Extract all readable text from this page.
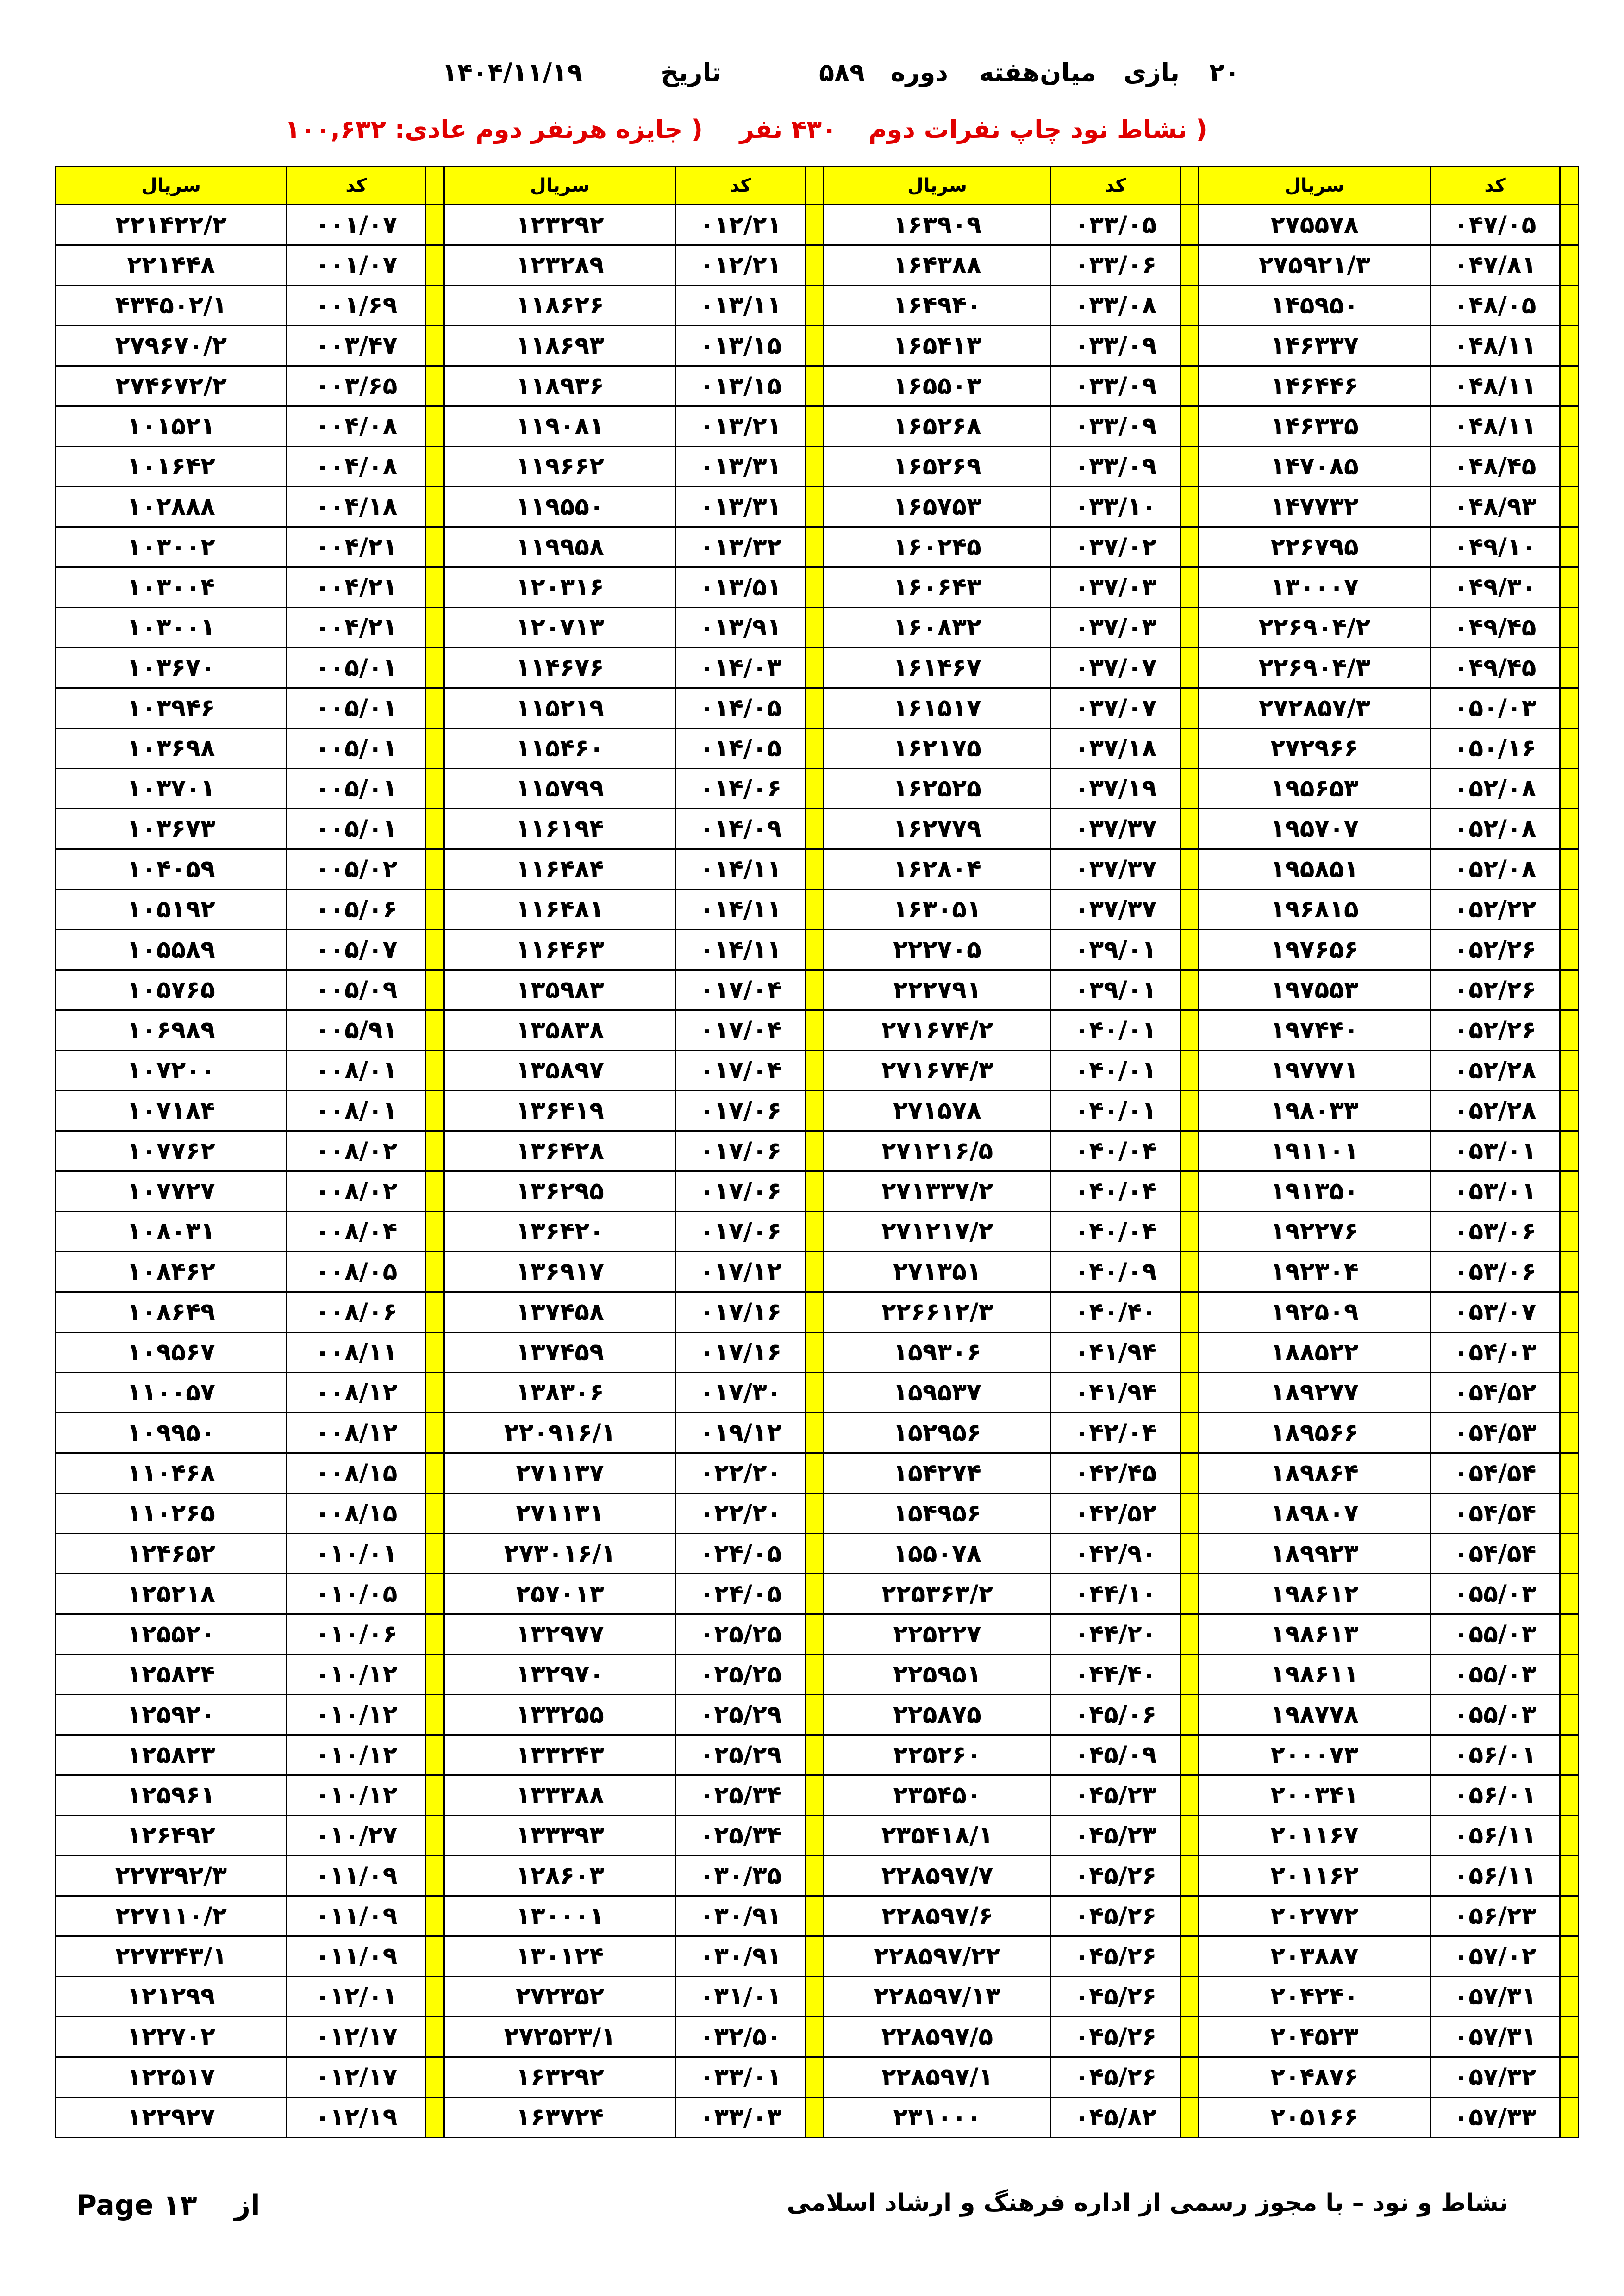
۲۰
بازی
میان‌هفته
دوره
۵۸۹
تاریخ
۱۴۰۴/۱۱/۱۹
( نشاط نود چاپ نفرات دوم
۴۳۰ نفر
( جایزه هرنفر دوم عادی: ۱۰۰,۶۳۲
	کد	سریال		کد	سریال		کد	سریال		کد	سریال
	۰۴۷/۰۵	۲۷۵۵۷۸		۰۳۳/۰۵	۱۶۳۹۰۹		۰۱۲/۲۱	۱۲۳۲۹۲		۰۰۱/۰۷	۲۲۱۴۲۲/۲
	۰۴۷/۸۱	۲۷۵۹۲۱/۳		۰۳۳/۰۶	۱۶۴۳۸۸		۰۱۲/۲۱	۱۲۳۲۸۹		۰۰۱/۰۷	۲۲۱۴۴۸
	۰۴۸/۰۵	۱۴۵۹۵۰		۰۳۳/۰۸	۱۶۴۹۴۰		۰۱۳/۱۱	۱۱۸۶۲۶		۰۰۱/۶۹	۴۳۴۵۰۲/۱
	۰۴۸/۱۱	۱۴۶۳۳۷		۰۳۳/۰۹	۱۶۵۴۱۳		۰۱۳/۱۵	۱۱۸۶۹۳		۰۰۳/۴۷	۲۷۹۶۷۰/۲
	۰۴۸/۱۱	۱۴۶۴۴۶		۰۳۳/۰۹	۱۶۵۵۰۳		۰۱۳/۱۵	۱۱۸۹۳۶		۰۰۳/۶۵	۲۷۴۶۷۲/۲
	۰۴۸/۱۱	۱۴۶۳۳۵		۰۳۳/۰۹	۱۶۵۲۶۸		۰۱۳/۲۱	۱۱۹۰۸۱		۰۰۴/۰۸	۱۰۱۵۲۱
	۰۴۸/۴۵	۱۴۷۰۸۵		۰۳۳/۰۹	۱۶۵۲۶۹		۰۱۳/۳۱	۱۱۹۶۶۲		۰۰۴/۰۸	۱۰۱۶۴۲
	۰۴۸/۹۳	۱۴۷۷۳۲		۰۳۳/۱۰	۱۶۵۷۵۳		۰۱۳/۳۱	۱۱۹۵۵۰		۰۰۴/۱۸	۱۰۲۸۸۸
	۰۴۹/۱۰	۲۲۶۷۹۵		۰۳۷/۰۲	۱۶۰۲۴۵		۰۱۳/۳۲	۱۱۹۹۵۸		۰۰۴/۲۱	۱۰۳۰۰۲
	۰۴۹/۳۰	۱۳۰۰۰۷		۰۳۷/۰۳	۱۶۰۶۴۳		۰۱۳/۵۱	۱۲۰۳۱۶		۰۰۴/۲۱	۱۰۳۰۰۴
	۰۴۹/۴۵	۲۲۶۹۰۴/۲		۰۳۷/۰۳	۱۶۰۸۳۲		۰۱۳/۹۱	۱۲۰۷۱۳		۰۰۴/۲۱	۱۰۳۰۰۱
	۰۴۹/۴۵	۲۲۶۹۰۴/۳		۰۳۷/۰۷	۱۶۱۴۶۷		۰۱۴/۰۳	۱۱۴۶۷۶		۰۰۵/۰۱	۱۰۳۶۷۰
	۰۵۰/۰۳	۲۷۲۸۵۷/۳		۰۳۷/۰۷	۱۶۱۵۱۷		۰۱۴/۰۵	۱۱۵۲۱۹		۰۰۵/۰۱	۱۰۳۹۴۶
	۰۵۰/۱۶	۲۷۲۹۶۶		۰۳۷/۱۸	۱۶۲۱۷۵		۰۱۴/۰۵	۱۱۵۴۶۰		۰۰۵/۰۱	۱۰۳۶۹۸
	۰۵۲/۰۸	۱۹۵۶۵۳		۰۳۷/۱۹	۱۶۲۵۲۵		۰۱۴/۰۶	۱۱۵۷۹۹		۰۰۵/۰۱	۱۰۳۷۰۱
	۰۵۲/۰۸	۱۹۵۷۰۷		۰۳۷/۳۷	۱۶۲۷۷۹		۰۱۴/۰۹	۱۱۶۱۹۴		۰۰۵/۰۱	۱۰۳۶۷۳
	۰۵۲/۰۸	۱۹۵۸۵۱		۰۳۷/۳۷	۱۶۲۸۰۴		۰۱۴/۱۱	۱۱۶۴۸۴		۰۰۵/۰۲	۱۰۴۰۵۹
	۰۵۲/۲۲	۱۹۶۸۱۵		۰۳۷/۳۷	۱۶۳۰۵۱		۰۱۴/۱۱	۱۱۶۴۸۱		۰۰۵/۰۶	۱۰۵۱۹۲
	۰۵۲/۲۶	۱۹۷۶۵۶		۰۳۹/۰۱	۲۲۲۷۰۵		۰۱۴/۱۱	۱۱۶۴۶۳		۰۰۵/۰۷	۱۰۵۵۸۹
	۰۵۲/۲۶	۱۹۷۵۵۳		۰۳۹/۰۱	۲۲۲۷۹۱		۰۱۷/۰۴	۱۳۵۹۸۳		۰۰۵/۰۹	۱۰۵۷۶۵
	۰۵۲/۲۶	۱۹۷۴۴۰		۰۴۰/۰۱	۲۷۱۶۷۴/۲		۰۱۷/۰۴	۱۳۵۸۳۸		۰۰۵/۹۱	۱۰۶۹۸۹
	۰۵۲/۲۸	۱۹۷۷۷۱		۰۴۰/۰۱	۲۷۱۶۷۴/۳		۰۱۷/۰۴	۱۳۵۸۹۷		۰۰۸/۰۱	۱۰۷۲۰۰
	۰۵۲/۲۸	۱۹۸۰۳۳		۰۴۰/۰۱	۲۷۱۵۷۸		۰۱۷/۰۶	۱۳۶۴۱۹		۰۰۸/۰۱	۱۰۷۱۸۴
	۰۵۳/۰۱	۱۹۱۱۰۱		۰۴۰/۰۴	۲۷۱۲۱۶/۵		۰۱۷/۰۶	۱۳۶۴۲۸		۰۰۸/۰۲	۱۰۷۷۶۲
	۰۵۳/۰۱	۱۹۱۳۵۰		۰۴۰/۰۴	۲۷۱۳۳۷/۲		۰۱۷/۰۶	۱۳۶۲۹۵		۰۰۸/۰۲	۱۰۷۷۲۷
	۰۵۳/۰۶	۱۹۲۲۷۶		۰۴۰/۰۴	۲۷۱۲۱۷/۲		۰۱۷/۰۶	۱۳۶۴۲۰		۰۰۸/۰۴	۱۰۸۰۳۱
	۰۵۳/۰۶	۱۹۲۳۰۴		۰۴۰/۰۹	۲۷۱۳۵۱		۰۱۷/۱۲	۱۳۶۹۱۷		۰۰۸/۰۵	۱۰۸۴۶۲
	۰۵۳/۰۷	۱۹۲۵۰۹		۰۴۰/۴۰	۲۲۶۶۱۲/۳		۰۱۷/۱۶	۱۳۷۴۵۸		۰۰۸/۰۶	۱۰۸۶۴۹
	۰۵۴/۰۳	۱۸۸۵۲۲		۰۴۱/۹۴	۱۵۹۳۰۶		۰۱۷/۱۶	۱۳۷۴۵۹		۰۰۸/۱۱	۱۰۹۵۶۷
	۰۵۴/۵۲	۱۸۹۲۷۷		۰۴۱/۹۴	۱۵۹۵۳۷		۰۱۷/۳۰	۱۳۸۳۰۶		۰۰۸/۱۲	۱۱۰۰۵۷
	۰۵۴/۵۳	۱۸۹۵۶۶		۰۴۲/۰۴	۱۵۲۹۵۶		۰۱۹/۱۲	۲۲۰۹۱۶/۱		۰۰۸/۱۲	۱۰۹۹۵۰
	۰۵۴/۵۴	۱۸۹۸۶۴		۰۴۲/۴۵	۱۵۴۲۷۴		۰۲۲/۲۰	۲۷۱۱۳۷		۰۰۸/۱۵	۱۱۰۴۶۸
	۰۵۴/۵۴	۱۸۹۸۰۷		۰۴۲/۵۲	۱۵۴۹۵۶		۰۲۲/۲۰	۲۷۱۱۳۱		۰۰۸/۱۵	۱۱۰۲۶۵
	۰۵۴/۵۴	۱۸۹۹۲۳		۰۴۲/۹۰	۱۵۵۰۷۸		۰۲۴/۰۵	۲۷۳۰۱۶/۱		۰۱۰/۰۱	۱۲۴۶۵۲
	۰۵۵/۰۳	۱۹۸۶۱۲		۰۴۴/۱۰	۲۲۵۳۶۳/۲		۰۲۴/۰۵	۲۵۷۰۱۳		۰۱۰/۰۵	۱۲۵۲۱۸
	۰۵۵/۰۳	۱۹۸۶۱۳		۰۴۴/۲۰	۲۲۵۲۲۷		۰۲۵/۲۵	۱۳۲۹۷۷		۰۱۰/۰۶	۱۲۵۵۲۰
	۰۵۵/۰۳	۱۹۸۶۱۱		۰۴۴/۴۰	۲۲۵۹۵۱		۰۲۵/۲۵	۱۳۲۹۷۰		۰۱۰/۱۲	۱۲۵۸۲۴
	۰۵۵/۰۳	۱۹۸۷۷۸		۰۴۵/۰۶	۲۲۵۸۷۵		۰۲۵/۲۹	۱۳۳۲۵۵		۰۱۰/۱۲	۱۲۵۹۲۰
	۰۵۶/۰۱	۲۰۰۰۷۳		۰۴۵/۰۹	۲۲۵۲۶۰		۰۲۵/۲۹	۱۳۳۲۴۳		۰۱۰/۱۲	۱۲۵۸۲۳
	۰۵۶/۰۱	۲۰۰۳۴۱		۰۴۵/۲۳	۲۳۵۴۵۰		۰۲۵/۳۴	۱۳۳۳۸۸		۰۱۰/۱۲	۱۲۵۹۶۱
	۰۵۶/۱۱	۲۰۱۱۶۷		۰۴۵/۲۳	۲۳۵۴۱۸/۱		۰۲۵/۳۴	۱۳۳۳۹۳		۰۱۰/۲۷	۱۲۶۴۹۲
	۰۵۶/۱۱	۲۰۱۱۶۲		۰۴۵/۲۶	۲۲۸۵۹۷/۷		۰۳۰/۳۵	۱۲۸۶۰۳		۰۱۱/۰۹	۲۲۷۳۹۲/۳
	۰۵۶/۲۳	۲۰۲۷۷۲		۰۴۵/۲۶	۲۲۸۵۹۷/۶		۰۳۰/۹۱	۱۳۰۰۰۱		۰۱۱/۰۹	۲۲۷۱۱۰/۲
	۰۵۷/۰۲	۲۰۳۸۸۷		۰۴۵/۲۶	۲۲۸۵۹۷/۲۲		۰۳۰/۹۱	۱۳۰۱۲۴		۰۱۱/۰۹	۲۲۷۳۴۳/۱
	۰۵۷/۳۱	۲۰۴۲۴۰		۰۴۵/۲۶	۲۲۸۵۹۷/۱۳		۰۳۱/۰۱	۲۷۲۳۵۲		۰۱۲/۰۱	۱۲۱۲۹۹
	۰۵۷/۳۱	۲۰۴۵۲۳		۰۴۵/۲۶	۲۲۸۵۹۷/۵		۰۳۲/۵۰	۲۷۲۵۲۳/۱		۰۱۲/۱۷	۱۲۲۷۰۲
	۰۵۷/۳۲	۲۰۴۸۷۶		۰۴۵/۲۶	۲۲۸۵۹۷/۱		۰۳۳/۰۱	۱۶۳۲۹۲		۰۱۲/۱۷	۱۲۲۵۱۷
	۰۵۷/۳۳	۲۰۵۱۶۶		۰۴۵/۸۲	۲۳۱۰۰۰		۰۳۳/۰۳	۱۶۳۷۲۴		۰۱۲/۱۹	۱۲۲۹۲۷
Page ۱۳ از	نشاط و نود – با مجوز رسمی از اداره فرهنگ و ارشاد اسلامی
